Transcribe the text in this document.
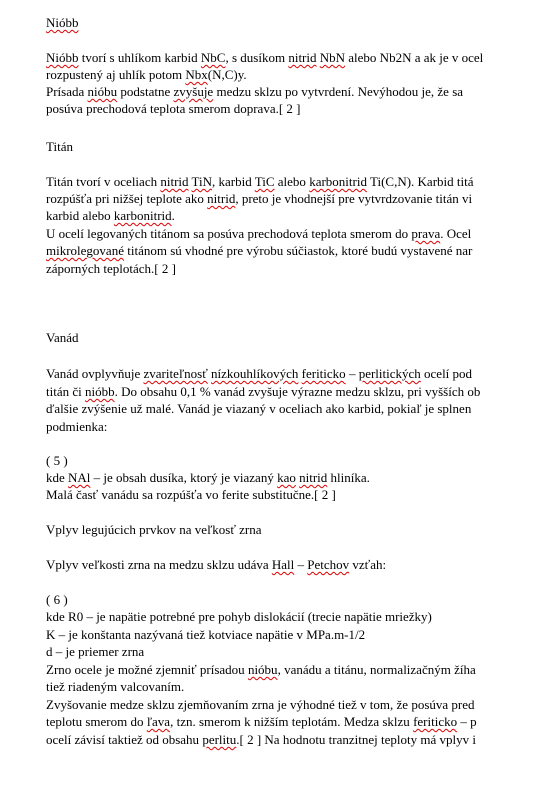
Nióbb
Nióbb tvorí s uhlíkom karbid NbC, s dusíkom nitrid NbN alebo Nb2N a ak je v ocel
rozpustený aj uhlík potom Nbx(N,C)y.
Prísada nióbu podstatne zvyšuje medzu sklzu po vytvrdení. Nevýhodou je, že sa
posúva prechodová teplota smerom doprava.[ 2 ]
Titán
Titán tvorí v oceliach nitrid TiN, karbid TiC alebo karbonitrid Ti(C,N). Karbid titá
rozpúšťa pri nižšej teplote ako nitrid, preto je vhodnejší pre vytvrdzovanie titán vi
karbid alebo karbonitrid.
U ocelí legovaných titánom sa posúva prechodová teplota smerom do prava. Ocel
mikrolegované titánom sú vhodné pre výrobu súčiastok, ktoré budú vystavené nar
záporných teplotách.[ 2 ]
Vanád
Vanád ovplyvňuje zvariteľnosť nízkouhlíkových feriticko – perlitických ocelí pod
titán či nióbb. Do obsahu 0,1 % vanád zvyšuje výrazne medzu sklzu, pri vyšších ob
ďalšie zvýšenie už malé. Vanád je viazaný v oceliach ako karbid, pokiaľ je splnen
podmienka:
( 5 )
kde NAl – je obsah dusíka, ktorý je viazaný kao nitrid hliníka.
Malá časť vanádu sa rozpúšťa vo ferite substitučne.[ 2 ]
Vplyv legujúcich prvkov na veľkosť zrna
Vplyv veľkosti zrna na medzu sklzu udáva Hall – Petchov vzťah:
( 6 )
kde R0 – je napätie potrebné pre pohyb dislokácií (trecie napätie mriežky)
K – je konštanta nazývaná tiež kotviace napätie v MPa.m-1/2
d – je priemer zrna
Zrno ocele je možné zjemniť prísadou nióbu, vanádu a titánu, normalizačným žíha
tiež riadeným valcovaním.
Zvyšovanie medze sklzu zjemňovaním zrna je výhodné tiež v tom, že posúva pred
teplotu smerom do ľava, tzn. smerom k nižším teplotám. Medza sklzu feriticko – p
ocelí závisí taktiež od obsahu perlitu.[ 2 ] Na hodnotu tranzitnej teploty má vplyv i
